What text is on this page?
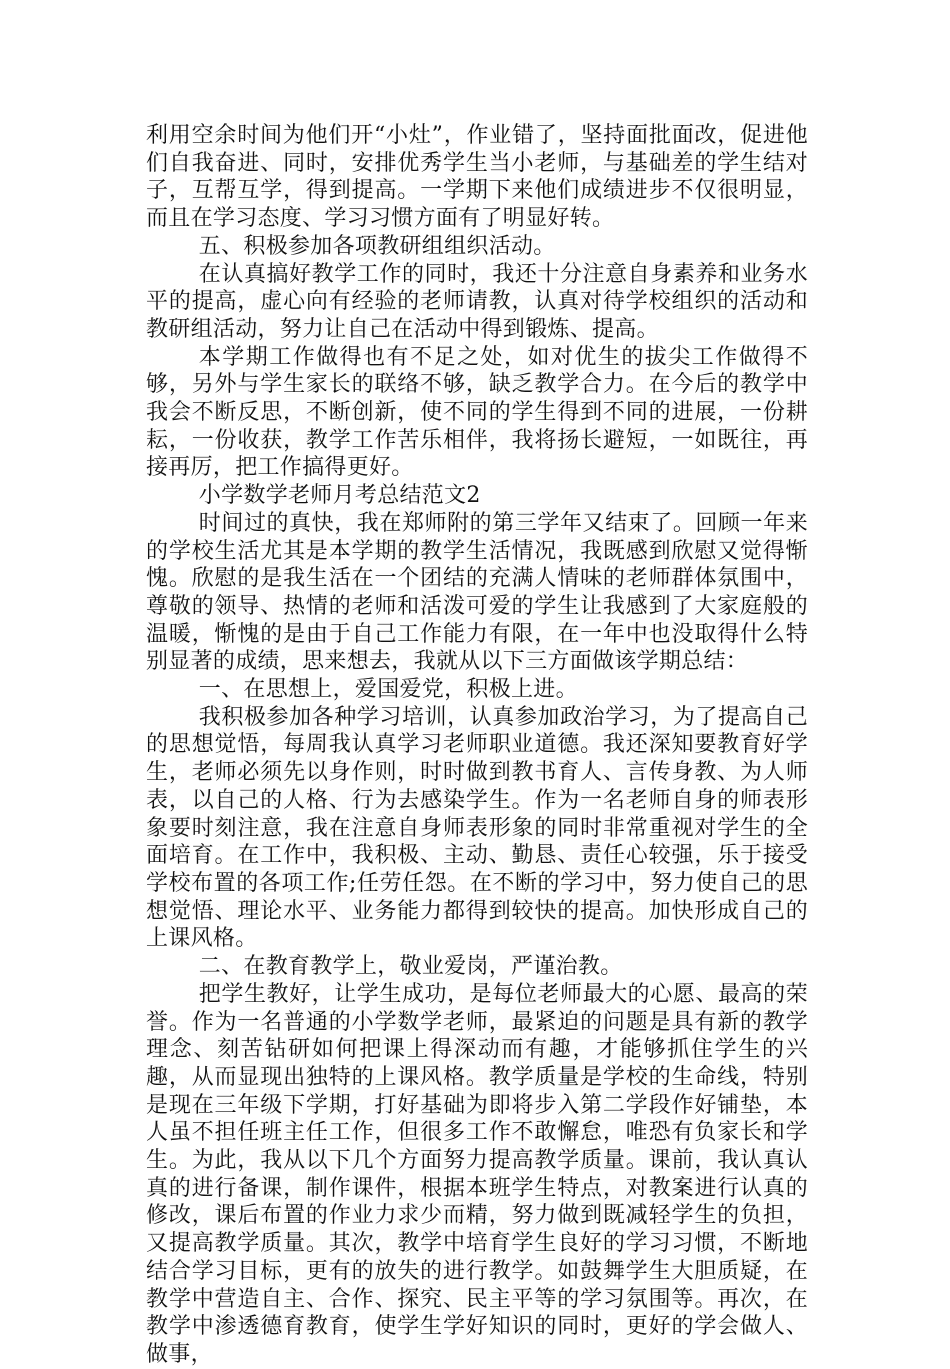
利用空余时间为他们开“小灶”，作业错了，坚持面批面改，促进他们自我奋进、同时，安排优秀学生当小老师，与基础差的学生结对子，互帮互学，得到提高。一学期下来他们成绩进步不仅很明显，而且在学习态度、学习习惯方面有了明显好转。

五、积极参加各项教研组组织活动。

在认真搞好教学工作的同时，我还十分注意自身素养和业务水平的提高，虚心向有经验的老师请教，认真对待学校组织的活动和教研组活动，努力让自己在活动中得到锻炼、提高。

本学期工作做得也有不足之处，如对优生的拔尖工作做得不够，另外与学生家长的联络不够，缺乏教学合力。在今后的教学中我会不断反思，不断创新，使不同的学生得到不同的进展，一份耕耘，一份收获，教学工作苦乐相伴，我将扬长避短，一如既往，再接再厉，把工作搞得更好。

小学数学老师月考总结范文2

时间过的真快，我在郑师附的第三学年又结束了。回顾一年来的学校生活尤其是本学期的教学生活情况，我既感到欣慰又觉得惭愧。欣慰的是我生活在一个团结的充满人情味的老师群体氛围中，尊敬的领导、热情的老师和活泼可爱的学生让我感到了大家庭般的温暖，惭愧的是由于自己工作能力有限，在一年中也没取得什么特别显著的成绩，思来想去，我就从以下三方面做该学期总结：

一、在思想上，爱国爱党，积极上进。

我积极参加各种学习培训，认真参加政治学习，为了提高自己的思想觉悟，每周我认真学习老师职业道德。我还深知要教育好学生，老师必须先以身作则，时时做到教书育人、言传身教、为人师表，以自己的人格、行为去感染学生。作为一名老师自身的师表形象要时刻注意，我在注意自身师表形象的同时非常重视对学生的全面培育。在工作中，我积极、主动、勤恳、责任心较强，乐于接受学校布置的各项工作;任劳任怨。在不断的学习中，努力使自己的思想觉悟、理论水平、业务能力都得到较快的提高。加快形成自己的上课风格。

二、在教育教学上，敬业爱岗，严谨治教。

把学生教好，让学生成功，是每位老师最大的心愿、最高的荣誉。作为一名普通的小学数学老师，最紧迫的问题是具有新的教学理念、刻苦钻研如何把课上得深动而有趣，才能够抓住学生的兴趣，从而显现出独特的上课风格。教学质量是学校的生命线，特别是现在三年级下学期，打好基础为即将步入第二学段作好铺垫，本人虽不担任班主任工作，但很多工作不敢懈怠，唯恐有负家长和学生。为此，我从以下几个方面努力提高教学质量。课前，我认真认真的进行备课，制作课件，根据本班学生特点，对教案进行认真的修改，课后布置的作业力求少而精，努力做到既减轻学生的负担，又提高教学质量。其次，教学中培育学生良好的学习习惯，不断地结合学习目标，更有的放失的进行教学。如鼓舞学生大胆质疑，在教学中营造自主、合作、探究、民主平等的学习氛围等。再次，在教学中渗透德育教育，使学生学好知识的同时，更好的学会做人、做事，
